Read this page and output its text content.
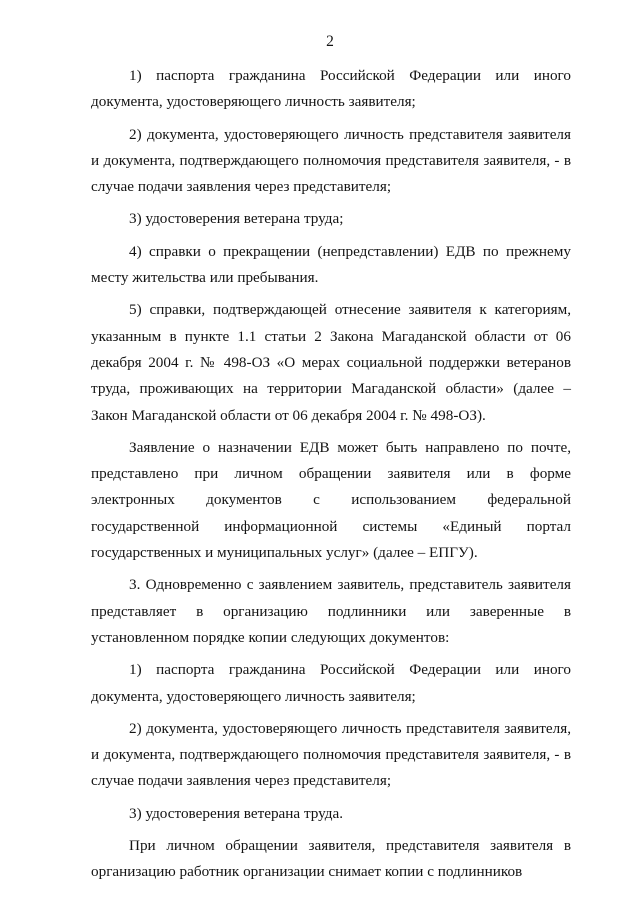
2

1) паспорта гражданина Российской Федерации или иного документа, удостоверяющего личность заявителя;

2) документа, удостоверяющего личность представителя заявителя и документа, подтверждающего полномочия представителя заявителя, - в случае подачи заявления через представителя;

3) удостоверения ветерана труда;

4) справки о прекращении (непредставлении) ЕДВ по прежнему месту жительства или пребывания.

5) справки, подтверждающей отнесение заявителя к категориям, указанным в пункте 1.1 статьи 2 Закона Магаданской области от 06 декабря 2004 г. № 498-ОЗ «О мерах социальной поддержки ветеранов труда, проживающих на территории Магаданской области» (далее – Закон Магаданской области от 06 декабря 2004 г. № 498-ОЗ).

Заявление о назначении ЕДВ может быть направлено по почте, представлено при личном обращении заявителя или в форме электронных документов с использованием федеральной государственной информационной системы «Единый портал государственных и муниципальных услуг» (далее – ЕПГУ).

3. Одновременно с заявлением заявитель, представитель заявителя представляет в организацию подлинники или заверенные в установленном порядке копии следующих документов:

1) паспорта гражданина Российской Федерации или иного документа, удостоверяющего личность заявителя;

2) документа, удостоверяющего личность представителя заявителя, и документа, подтверждающего полномочия представителя заявителя, - в случае подачи заявления через представителя;

3) удостоверения ветерана труда.

При личном обращении заявителя, представителя заявителя в организацию работник организации снимает копии с подлинников
